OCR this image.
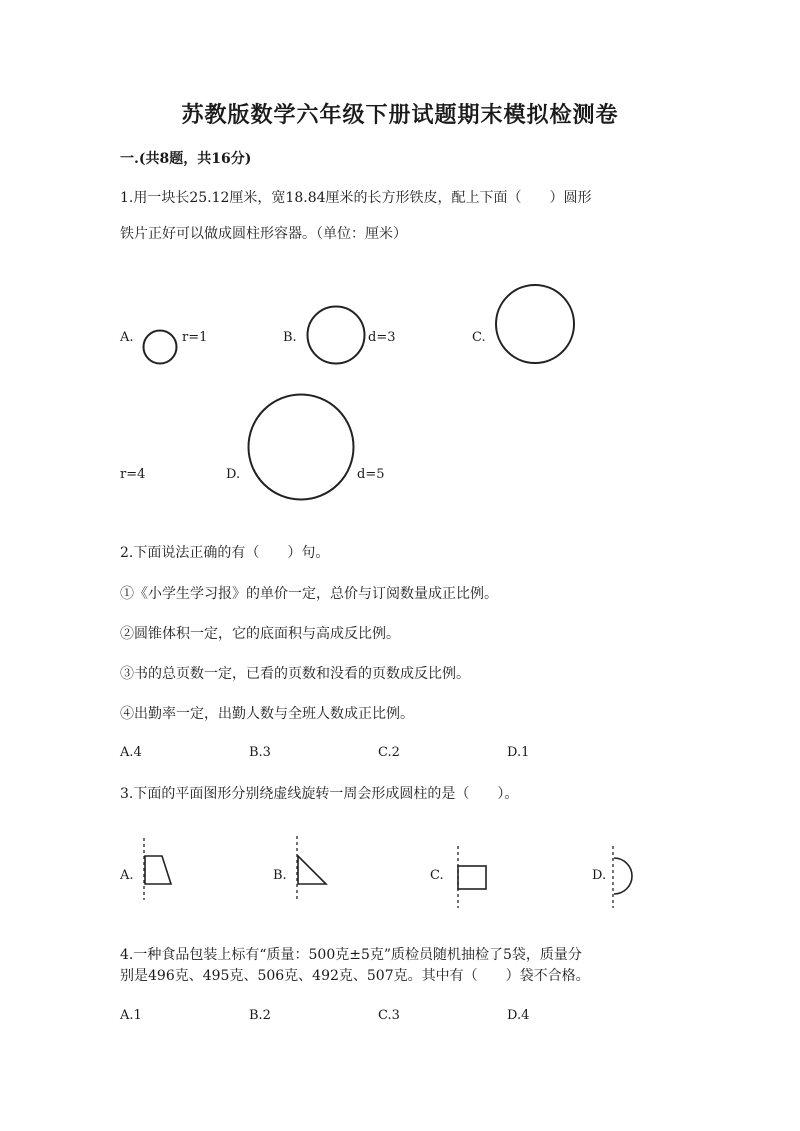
苏教版数学六年级下册试题期末模拟检测卷
一.(共8题，共16分)
1.用一块长25.12厘米，宽18.84厘米的长方形铁皮，配上下面（　　）圆形
铁片正好可以做成圆柱形容器。（单位：厘米）
A.	r=1	B.	d=3	C.
r=4	D.	d=5
2.下面说法正确的有（　　）句。
①《小学生学习报》的单价一定，总价与订阅数量成正比例。
②圆锥体积一定，它的底面积与高成反比例。
③书的总页数一定，已看的页数和没看的页数成反比例。
④出勤率一定，出勤人数与全班人数成正比例。
A.4	B.3	C.2	D.1
3.下面的平面图形分别绕虚线旋转一周会形成圆柱的是（　　）。
A.	B.	C.	D.
4.一种食品包装上标有“质量：500克±5克”质检员随机抽检了5袋，质量分
别是496克、495克、506克、492克、507克。其中有（　　）袋不合格。
A.1	B.2	C.3	D.4
